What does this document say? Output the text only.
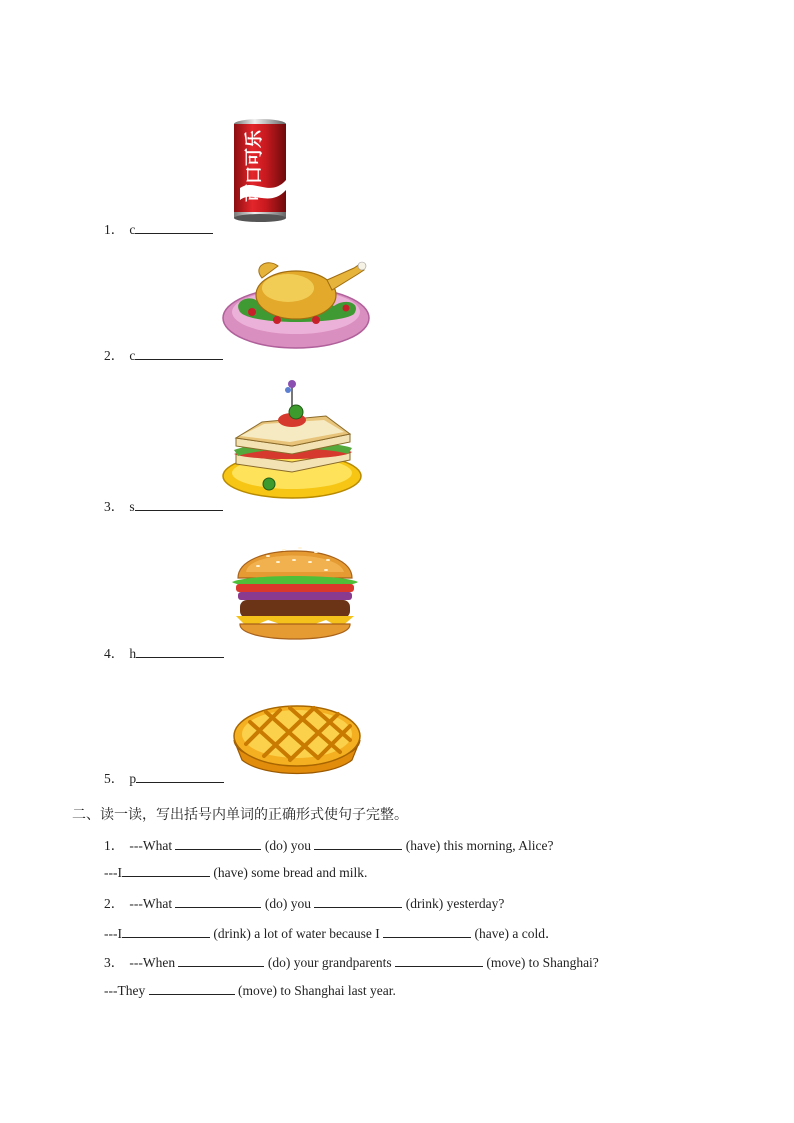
可口可乐
1． c
2． c
3． s
4． h
5． p
二、读一读，写出括号内单词的正确形式使句子完整。
1． ---What	(do) you	(have) this morning, Alice?
---I	(have) some bread and milk.
2． ---What	(do) you	(drink) yesterday?
---I	(drink) a lot of water because I	(have) a cold．
3． ---When	(do) your grandparents	(move) to Shanghai?
---They	(move) to Shanghai last year.
